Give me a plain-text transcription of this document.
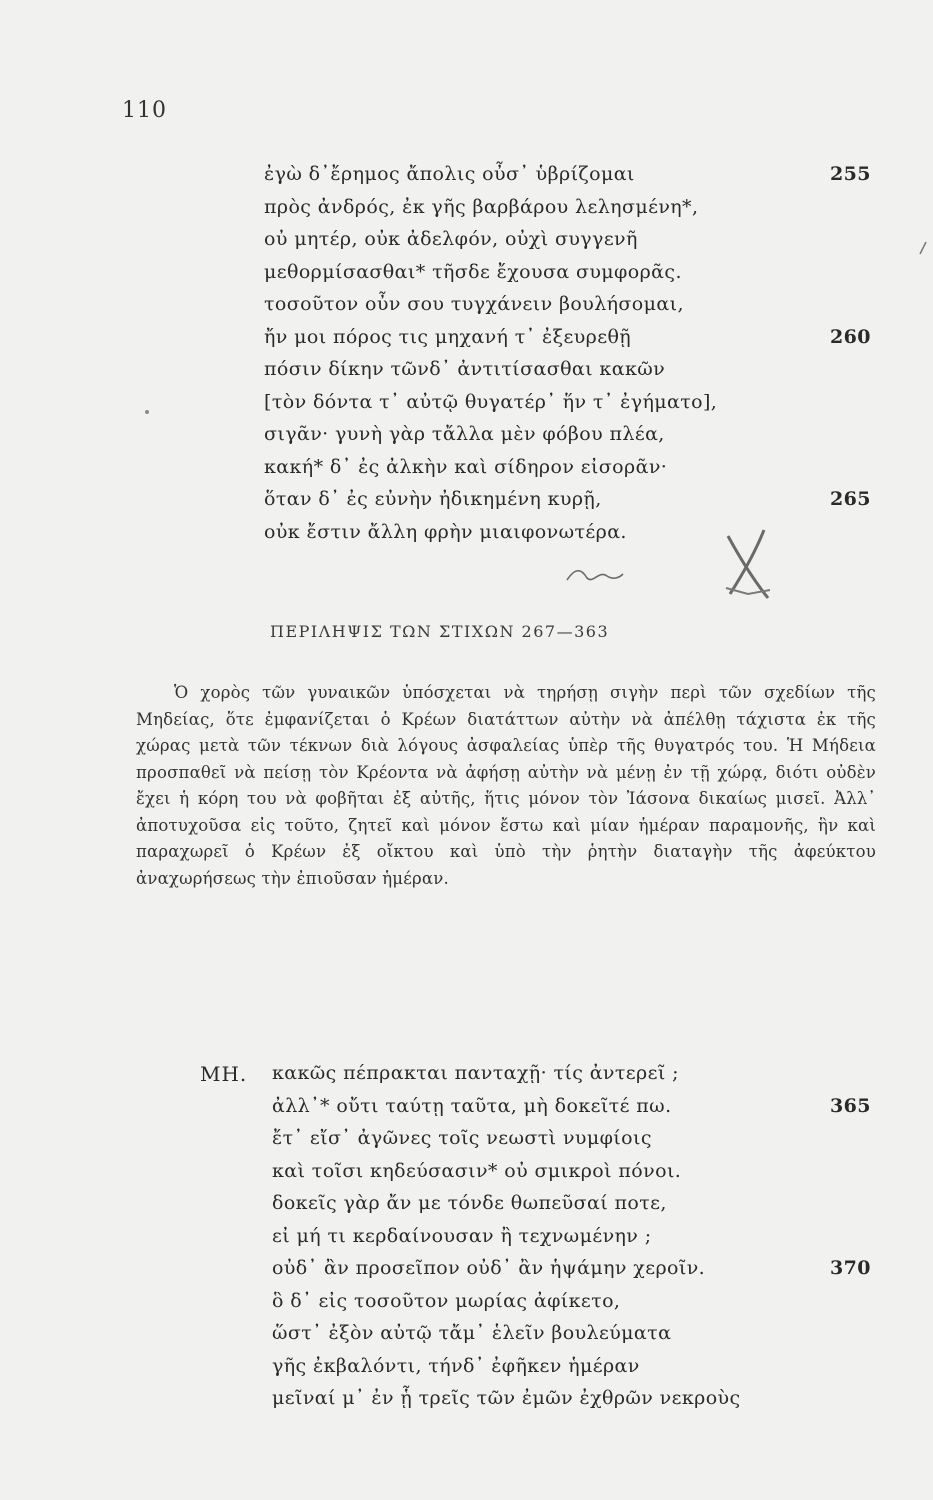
110
ἐγὼ δ᾽ἔρημος ἄπολις οὖσ᾽ ὑβρίζομαι	255
πρὸς ἀνδρός, ἐκ γῆς βαρβάρου λελησμένη*,
οὐ μητέρ, οὐκ ἀδελφόν, οὐχὶ συγγενῆ
μεθορμίσασθαι* τῆσδε ἔχουσα συμφορᾶς.
τοσοῦτον οὖν σου τυγχάνειν βουλήσομαι,
ἤν μοι πόρος τις μηχανή τ᾽ ἐξευρεθῇ	260
πόσιν δίκην τῶνδ᾽ ἀντιτίσασθαι κακῶν
[τὸν δόντα τ᾽ αὐτῷ θυγατέρ᾽ ἥν τ᾽ ἐγήματο],
σιγᾶν· γυνὴ γὰρ τἄλλα μὲν φόβου πλέα,
κακή* δ᾽ ἐς ἀλκὴν καὶ σίδηρον εἰσορᾶν·
ὅταν δ᾽ ἐς εὐνὴν ἠδικημένη κυρῇ,	265
οὐκ ἔστιν ἄλλη φρὴν μιαιφονωτέρα.
ΠΕΡΙΛΗΨΙΣ ΤΩΝ ΣΤΙΧΩΝ 267—363

Ὁ χορὸς τῶν γυναικῶν ὑπόσχεται νὰ τηρήσῃ σιγὴν περὶ τῶν σχεδίων τῆς Μηδείας, ὅτε ἐμφανίζεται ὁ Κρέων διατάττων αὐτὴν νὰ ἀπέλθῃ τάχιστα ἐκ τῆς χώρας μετὰ τῶν τέκνων διὰ λόγους ἀσφαλείας ὑπὲρ τῆς θυγατρός του. Ἡ Μήδεια προσπαθεῖ νὰ πείσῃ τὸν Κρέοντα νὰ ἀφήσῃ αὐτὴν νὰ μένῃ ἐν τῇ χώρᾳ, διότι οὐδὲν ἔχει ἡ κόρη του νὰ φοβῆται ἐξ αὐτῆς, ἥτις μόνον τὸν Ἰάσονα δικαίως μισεῖ. Ἀλλ᾽ ἀποτυχοῦσα εἰς τοῦτο, ζητεῖ καὶ μόνον ἔστω καὶ μίαν ἡμέραν παραμονῆς, ἣν καὶ παραχωρεῖ ὁ Κρέων ἐξ οἴκτου καὶ ὑπὸ τὴν ῥητὴν διαταγὴν τῆς ἀφεύκτου ἀναχωρήσεως τὴν ἐπιοῦσαν ἡμέραν.

ΜΗ. κακῶς πέπρακται πανταχῇ· τίς ἀντερεῖ ;
ἀλλ᾽* οὔτι ταύτῃ ταῦτα, μὴ δοκεῖτέ πω.	365
ἔτ᾽ εἴσ᾽ ἀγῶνες τοῖς νεωστὶ νυμφίοις
καὶ τοῖσι κηδεύσασιν* οὐ σμικροὶ πόνοι.
δοκεῖς γὰρ ἄν με τόνδε θωπεῦσαί ποτε,
εἰ μή τι κερδαίνουσαν ἢ τεχνωμένην ;
οὐδ᾽ ἂν προσεῖπον οὐδ᾽ ἂν ἡψάμην χεροῖν.	370
ὃ δ᾽ εἰς τοσοῦτον μωρίας ἀφίκετο,
ὥστ᾽ ἐξὸν αὐτῷ τἄμ᾽ ἑλεῖν βουλεύματα
γῆς ἐκβαλόντι, τήνδ᾽ ἐφῆκεν ἡμέραν
μεῖναί μ᾽ ἐν ᾗ τρεῖς τῶν ἐμῶν ἐχθρῶν νεκροὺς
